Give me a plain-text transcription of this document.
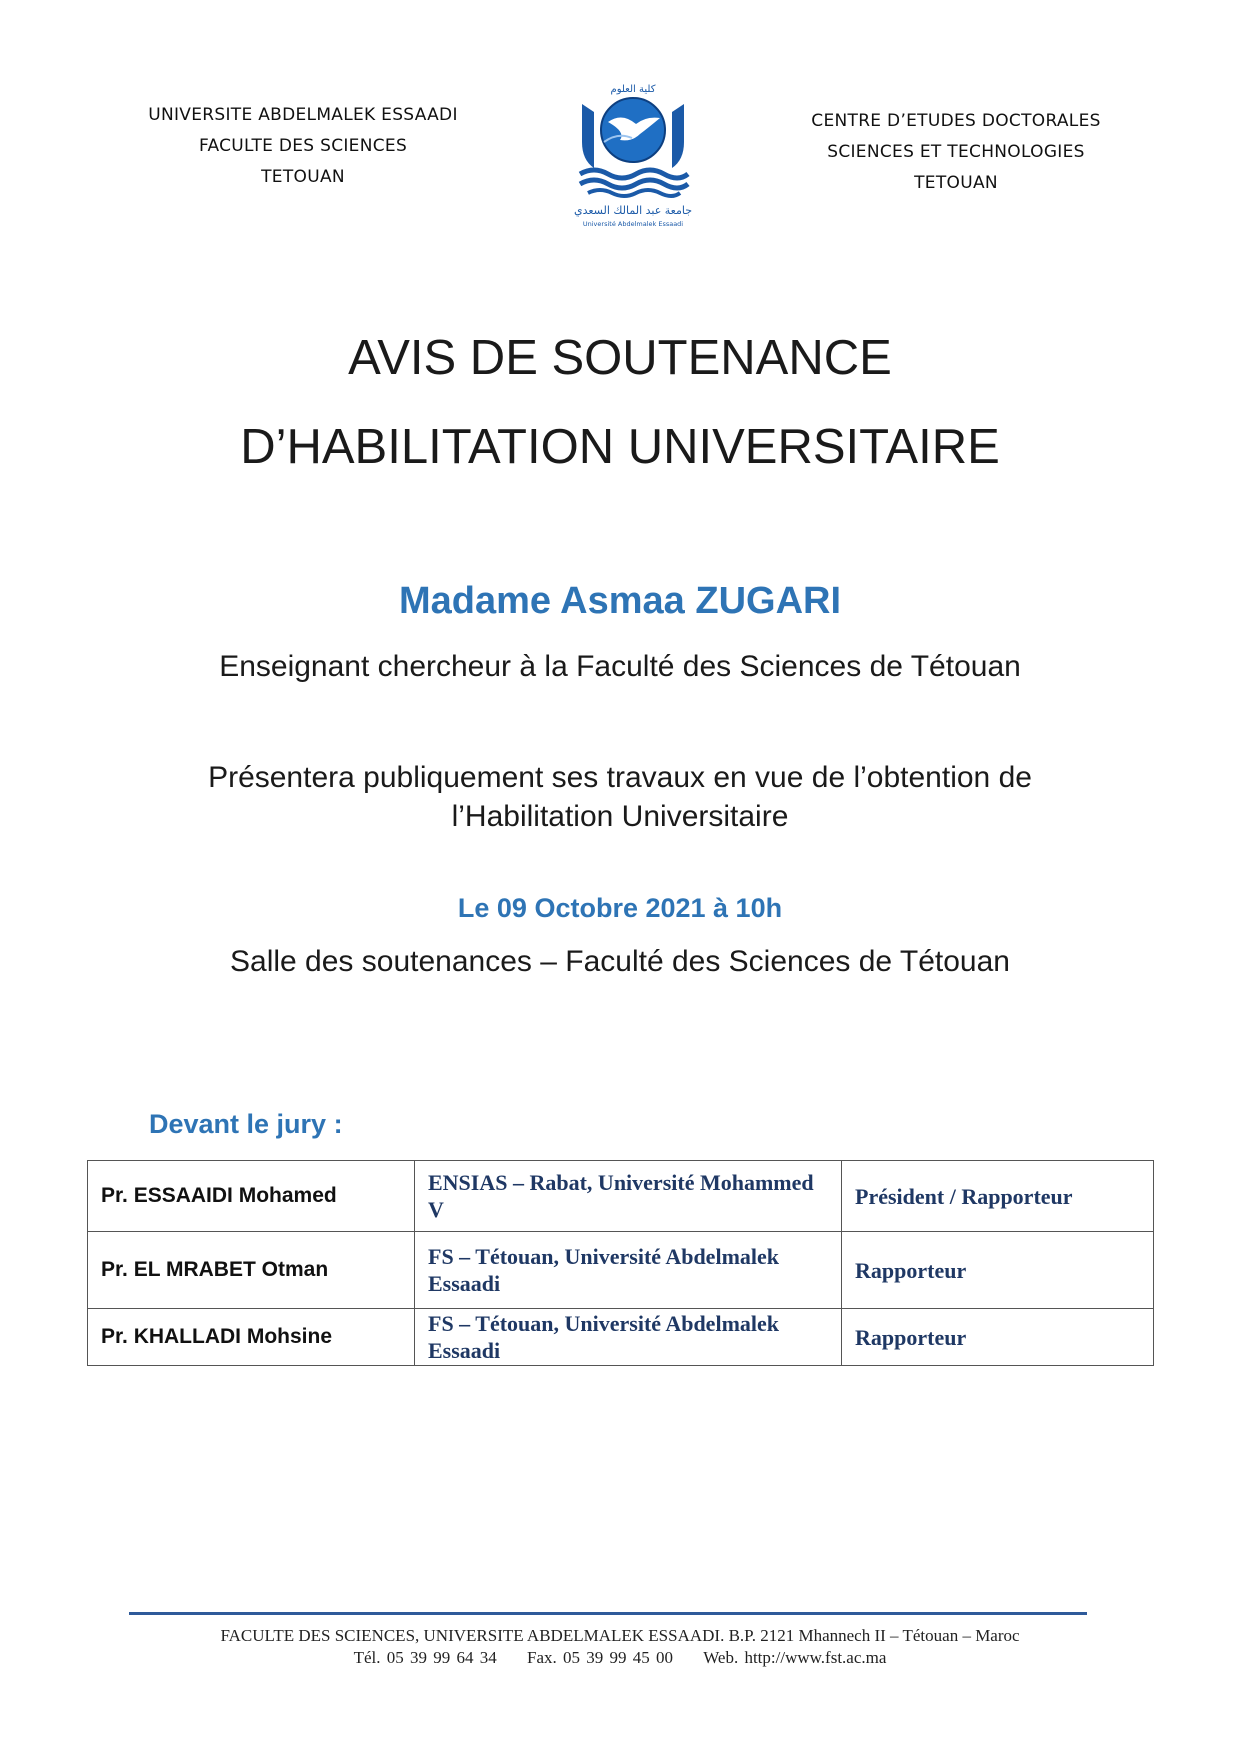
UNIVERSITE ABDELMALEK ESSAADI
FACULTE DES SCIENCES
TETOUAN
كلية العلوم
جامعة عبد المالك السعدي
Université Abdelmalek Essaadi
CENTRE D’ETUDES DOCTORALES
SCIENCES ET TECHNOLOGIES
TETOUAN
AVIS DE SOUTENANCE
D’HABILITATION UNIVERSITAIRE
Madame Asmaa ZUGARI
Enseignant chercheur à la Faculté des Sciences de Tétouan
Présentera publiquement ses travaux en vue de l’obtention de
l’Habilitation Universitaire
Le 09 Octobre 2021 à 10h
Salle des soutenances – Faculté des Sciences de Tétouan
Devant le jury :
Pr. ESSAAIDI Mohamed	ENSIAS – Rabat, Université Mohammed V	Président / Rapporteur
Pr. EL MRABET Otman	FS – Tétouan, Université Abdelmalek Essaadi	Rapporteur
Pr. KHALLADI Mohsine	FS – Tétouan, Université Abdelmalek Essaadi	Rapporteur
FACULTE DES SCIENCES, UNIVERSITE ABDELMALEK ESSAADI. B.P. 2121 Mhannech II – Tétouan – Maroc
Tél. 05 39 99 64 34 Fax. 05 39 99 45 00 Web. http://www.fst.ac.ma
